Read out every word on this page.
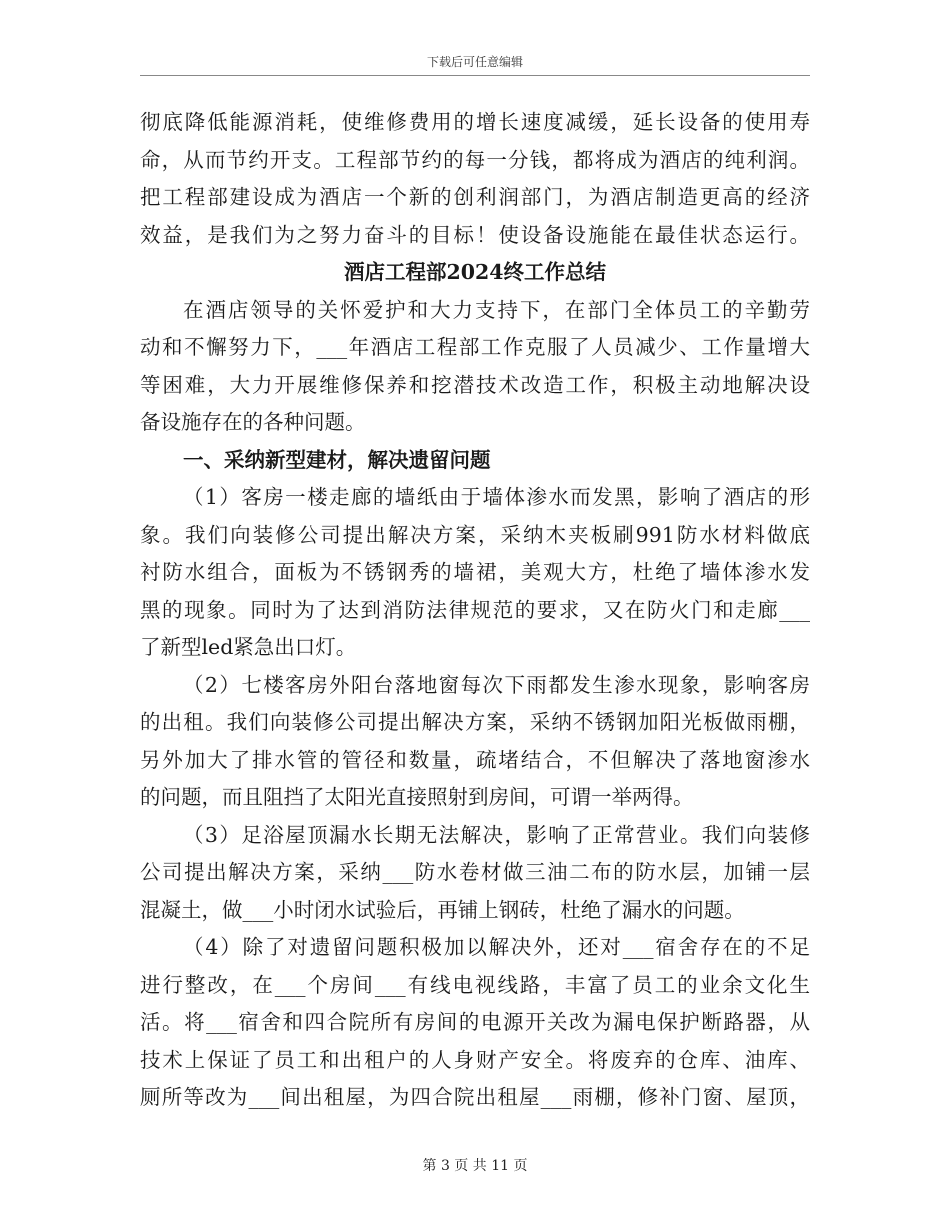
下载后可任意编辑
彻底降低能源消耗，使维修费用的增长速度减缓，延长设备的使用寿
命，从而节约开支。工程部节约的每一分钱，都将成为酒店的纯利润。
把工程部建设成为酒店一个新的创利润部门，为酒店制造更高的经济
效益，是我们为之努力奋斗的目标！使设备设施能在最佳状态运行。
酒店工程部2024终工作总结
在酒店领导的关怀爱护和大力支持下，在部门全体员工的辛勤劳
动和不懈努力下，___年酒店工程部工作克服了人员减少、工作量增大
等困难，大力开展维修保养和挖潜技术改造工作，积极主动地解决设
备设施存在的各种问题。
一、采纳新型建材，解决遗留问题
（1）客房一楼走廊的墙纸由于墙体渗水而发黑，影响了酒店的形
象。我们向装修公司提出解决方案，采纳木夹板刷991防水材料做底
衬防水组合，面板为不锈钢秀的墙裙，美观大方，杜绝了墙体渗水发
黑的现象。同时为了达到消防法律规范的要求，又在防火门和走廊___
了新型led紧急出口灯。
（2）七楼客房外阳台落地窗每次下雨都发生渗水现象，影响客房
的出租。我们向装修公司提出解决方案，采纳不锈钢加阳光板做雨棚，
另外加大了排水管的管径和数量，疏堵结合，不但解决了落地窗渗水
的问题，而且阻挡了太阳光直接照射到房间，可谓一举两得。
（3）足浴屋顶漏水长期无法解决，影响了正常营业。我们向装修
公司提出解决方案，采纳___防水卷材做三油二布的防水层，加铺一层
混凝土，做___小时闭水试验后，再铺上钢砖，杜绝了漏水的问题。
（4）除了对遗留问题积极加以解决外，还对___宿舍存在的不足
进行整改，在___个房间___有线电视线路，丰富了员工的业余文化生
活。将___宿舍和四合院所有房间的电源开关改为漏电保护断路器，从
技术上保证了员工和出租户的人身财产安全。将废弃的仓库、油库、
厕所等改为___间出租屋，为四合院出租屋___雨棚，修补门窗、屋顶，
第 3 页 共 11 页
